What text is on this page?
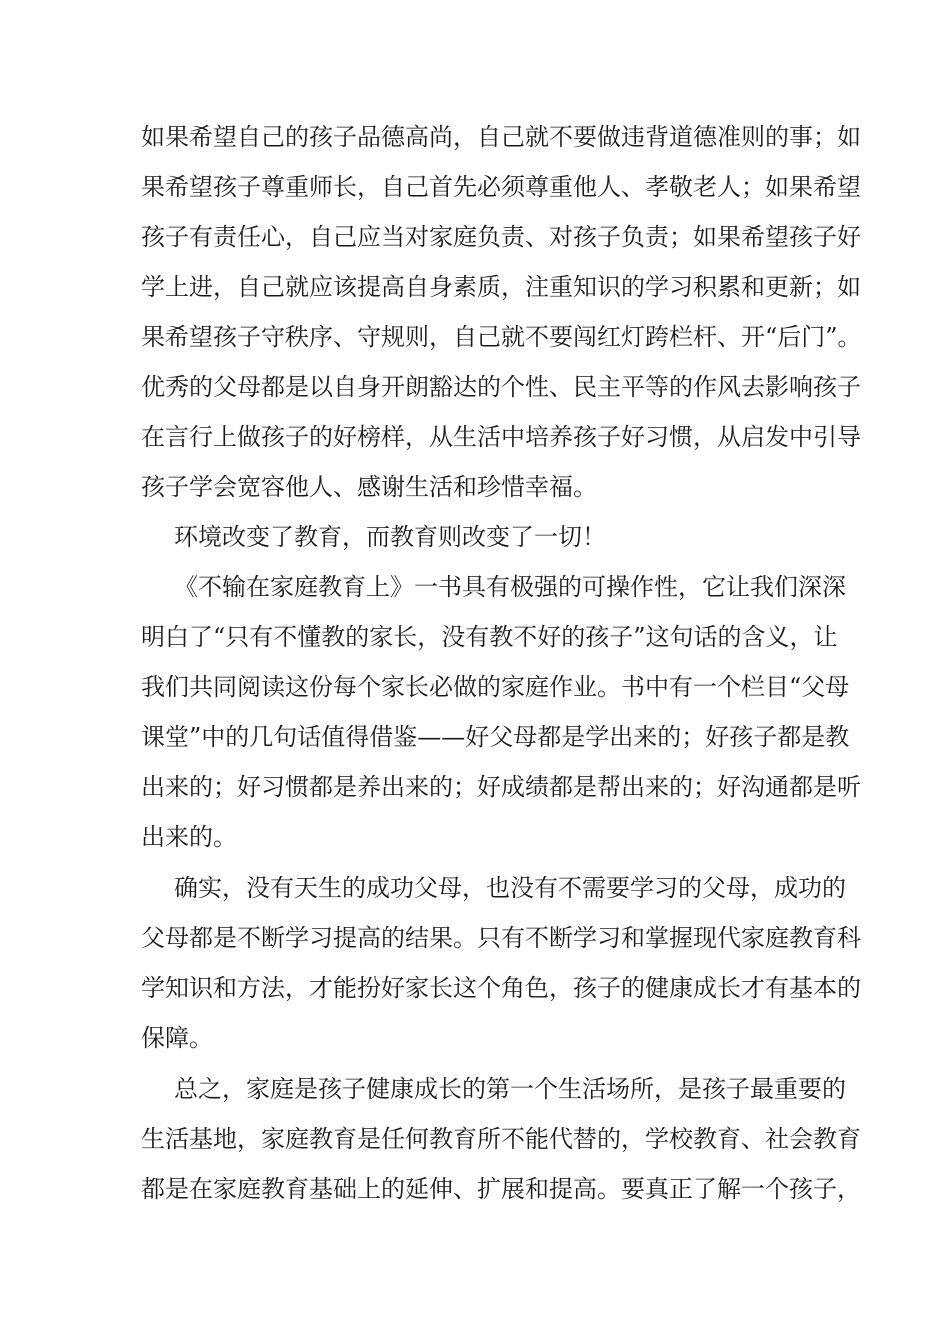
如果希望自己的孩子品德高尚，自己就不要做违背道德准则的事；如
果希望孩子尊重师长，自己首先必须尊重他人、孝敬老人；如果希望
孩子有责任心，自己应当对家庭负责、对孩子负责；如果希望孩子好
学上进，自己就应该提高自身素质，注重知识的学习积累和更新；如
果希望孩子守秩序、守规则，自己就不要闯红灯跨栏杆、开“后门”。
优秀的父母都是以自身开朗豁达的个性、民主平等的作风去影响孩子
在言行上做孩子的好榜样，从生活中培养孩子好习惯，从启发中引导
孩子学会宽容他人、感谢生活和珍惜幸福。
环境改变了教育，而教育则改变了一切！
《不输在家庭教育上》一书具有极强的可操作性，它让我们深深
明白了“只有不懂教的家长，没有教不好的孩子”这句话的含义，让
我们共同阅读这份每个家长必做的家庭作业。书中有一个栏目“父母
课堂”中的几句话值得借鉴——好父母都是学出来的；好孩子都是教
出来的；好习惯都是养出来的；好成绩都是帮出来的；好沟通都是听
出来的。
确实，没有天生的成功父母，也没有不需要学习的父母，成功的
父母都是不断学习提高的结果。只有不断学习和掌握现代家庭教育科
学知识和方法，才能扮好家长这个角色，孩子的健康成长才有基本的
保障。
总之，家庭是孩子健康成长的第一个生活场所，是孩子最重要的
生活基地，家庭教育是任何教育所不能代替的，学校教育、社会教育
都是在家庭教育基础上的延伸、扩展和提高。要真正了解一个孩子，
